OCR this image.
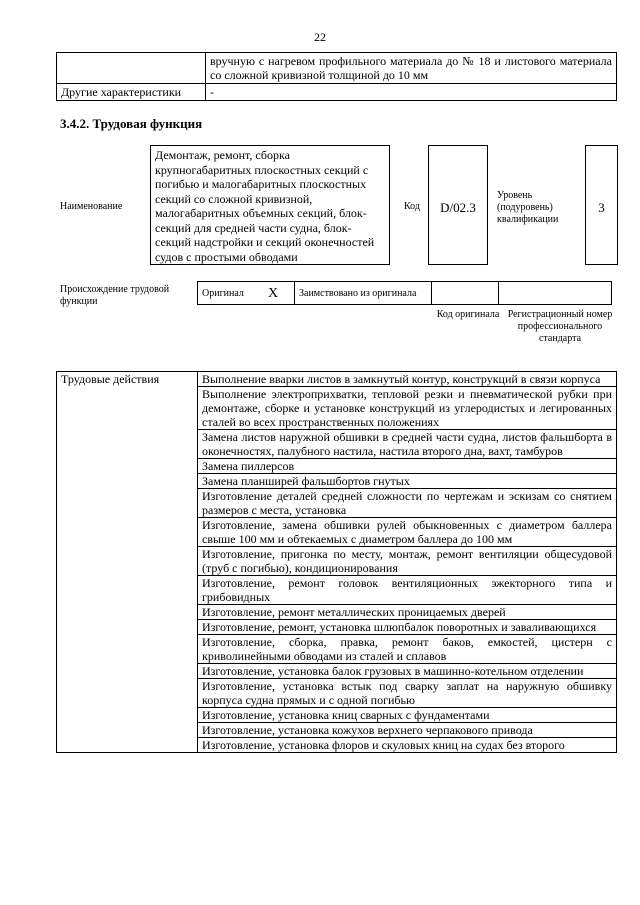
22
	вручную с нагревом профильного материала до № 18 и листового материала со сложной кривизной толщиной до 10 мм
Другие характеристики	-
3.4.2. Трудовая функция
Наименование
Демонтаж, ремонт, сборка крупногабаритных плоскостных секций с погибью и малогабаритных плоскостных секций со сложной кривизной, малогабаритных объемных секций, блок-секций для средней части судна, блок-секций надстройки и секций оконечностей судов с простыми обводами
Код	D/02.3
Уровень (подуровень) квалификации
3
Происхождение трудовой функции
Оригинал	X	Заимствовано из оригинала		
Код оригинала Регистрационный номер профессионального стандарта
Трудовые действия	Выполнение вварки листов в замкнутый контур, конструкций в связи корпуса
Выполнение электроприхватки, тепловой резки и пневматической рубки при демонтаже, сборке и установке конструкций из углеродистых и легированных сталей во всех пространственных положениях
Замена листов наружной обшивки в средней части судна, листов фальшборта в оконечностях, палубного настила, настила второго дна, вахт, тамбуров
Замена пиллерсов
Замена планширей фальшбортов гнутых
Изготовление деталей средней сложности по чертежам и эскизам со снятием размеров с места, установка
Изготовление, замена обшивки рулей обыкновенных с диаметром баллера свыше 100 мм и обтекаемых с диаметром баллера до 100 мм
Изготовление, пригонка по месту, монтаж, ремонт вентиляции общесудовой (труб с погибью), кондиционирования
Изготовление, ремонт головок вентиляционных эжекторного типа и грибовидных
Изготовление, ремонт металлических проницаемых дверей
Изготовление, ремонт, установка шлюпбалок поворотных и заваливающихся
Изготовление, сборка, правка, ремонт баков, емкостей, цистерн с криволинейными обводами из сталей и сплавов
Изготовление, установка балок грузовых в машинно-котельном отделении
Изготовление, установка встык под сварку заплат на наружную обшивку корпуса судна прямых и с одной погибью
Изготовление, установка книц сварных с фундаментами
Изготовление, установка кожухов верхнего черпакового привода
Изготовление, установка флоров и скуловых книц на судах без второго
